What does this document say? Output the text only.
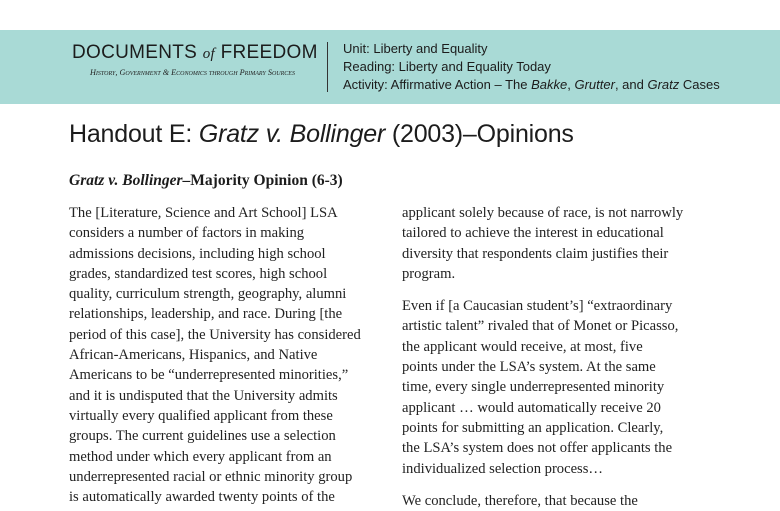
DOCUMENTS of FREEDOM
History, Government & Economics through Primary Sources
Unit: Liberty and Equality
Reading: Liberty and Equality Today
Activity: Affirmative Action – The Bakke, Grutter, and Gratz Cases
Handout E: Gratz v. Bollinger (2003)–Opinions
Gratz v. Bollinger–Majority Opinion (6-3)

The [Literature, Science and Art School] LSA

considers a number of factors in making

admissions decisions, including high school

grades, standardized test scores, high school

quality, curriculum strength, geography, alumni

relationships, leadership, and race. During [the

period of this case], the University has considered

African-Americans, Hispanics, and Native

Americans to be “underrepresented minorities,”

and it is undisputed that the University admits

virtually every qualified applicant from these

groups. The current guidelines use a selection

method under which every applicant from an

underrepresented racial or ethnic minority group

is automatically awarded twenty points of the

applicant solely because of race, is not narrowly

tailored to achieve the interest in educational

diversity that respondents claim justifies their

program.

Even if [a Caucasian student’s] “extraordinary

artistic talent” rivaled that of Monet or Picasso,

the applicant would receive, at most, five

points under the LSA’s system. At the same

time, every single underrepresented minority

applicant … would automatically receive 20

points for submitting an application. Clearly,

the LSA’s system does not offer applicants the

individualized selection process…

We conclude, therefore, that because the
